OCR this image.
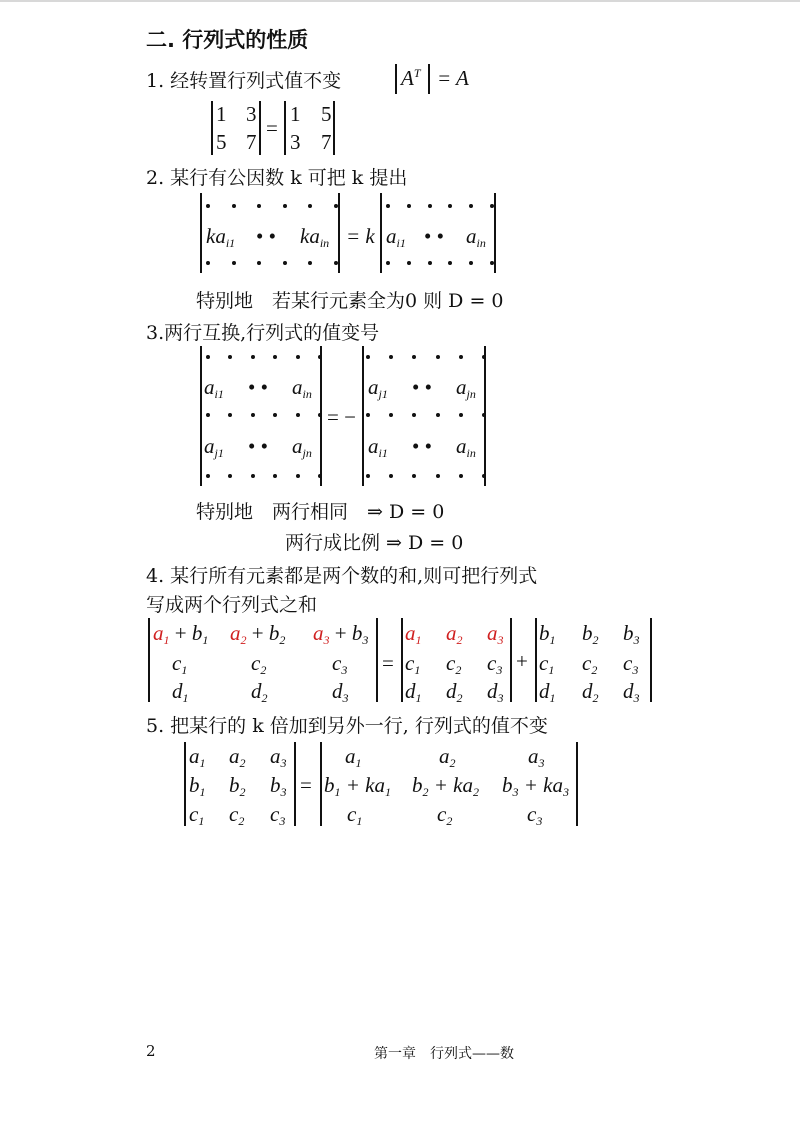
二. 行列式的性质
1. 经转置行列式值不变	$A^T = A$
1 3
5 7
=
1 5
3 7
2. 某行有公因数 k 可把 k 提出
$ka_{i1}$ • • $ka_{in} = k$ $a_{i1}$ • • $a_{in}$
特别地　若某行元素全为0 则 D = 0
3.两行互换,行列式的值变号
$a_{i1}$ • • $a_{in}$
$a_{j1}$ • • $a_{jn}$
= −
$a_{j1}$ • • $a_{jn}$
$a_{i1}$ • • $a_{in}$
特别地　两行相同　⇒ D = 0
两行成比例 ⇒ D = 0
4. 某行所有元素都是两个数的和,则可把行列式
写成两个行列式之和
$a_1 + b_1$ $a_2 + b_2$ $a_3 + b_3$
$c_1$	$c_2$	$c_3$
$d_1$	$d_2$	$d_3$
=
$a_1$ $a_2$ $a_3$
$c_1$ $c_2$ $c_3$
$d_1$ $d_2$ $d_3$
+
$b_1$ $b_2$ $b_3$
$c_1$ $c_2$ $c_3$
$d_1$ $d_2$ $d_3$
5. 把某行的 k 倍加到另外一行, 行列式的值不变
$a_1$ $a_2$ $a_3$
$b_1$ $b_2$ $b_3$
$c_1$ $c_2$ $c_3$
=
$a_1$	$a_2$	$a_3$
$b_1 + ka_1$ $b_2 + ka_2$ $b_3 + ka_3$
$c_1$	$c_2$	$c_3$
2	第一章　行列式——数
